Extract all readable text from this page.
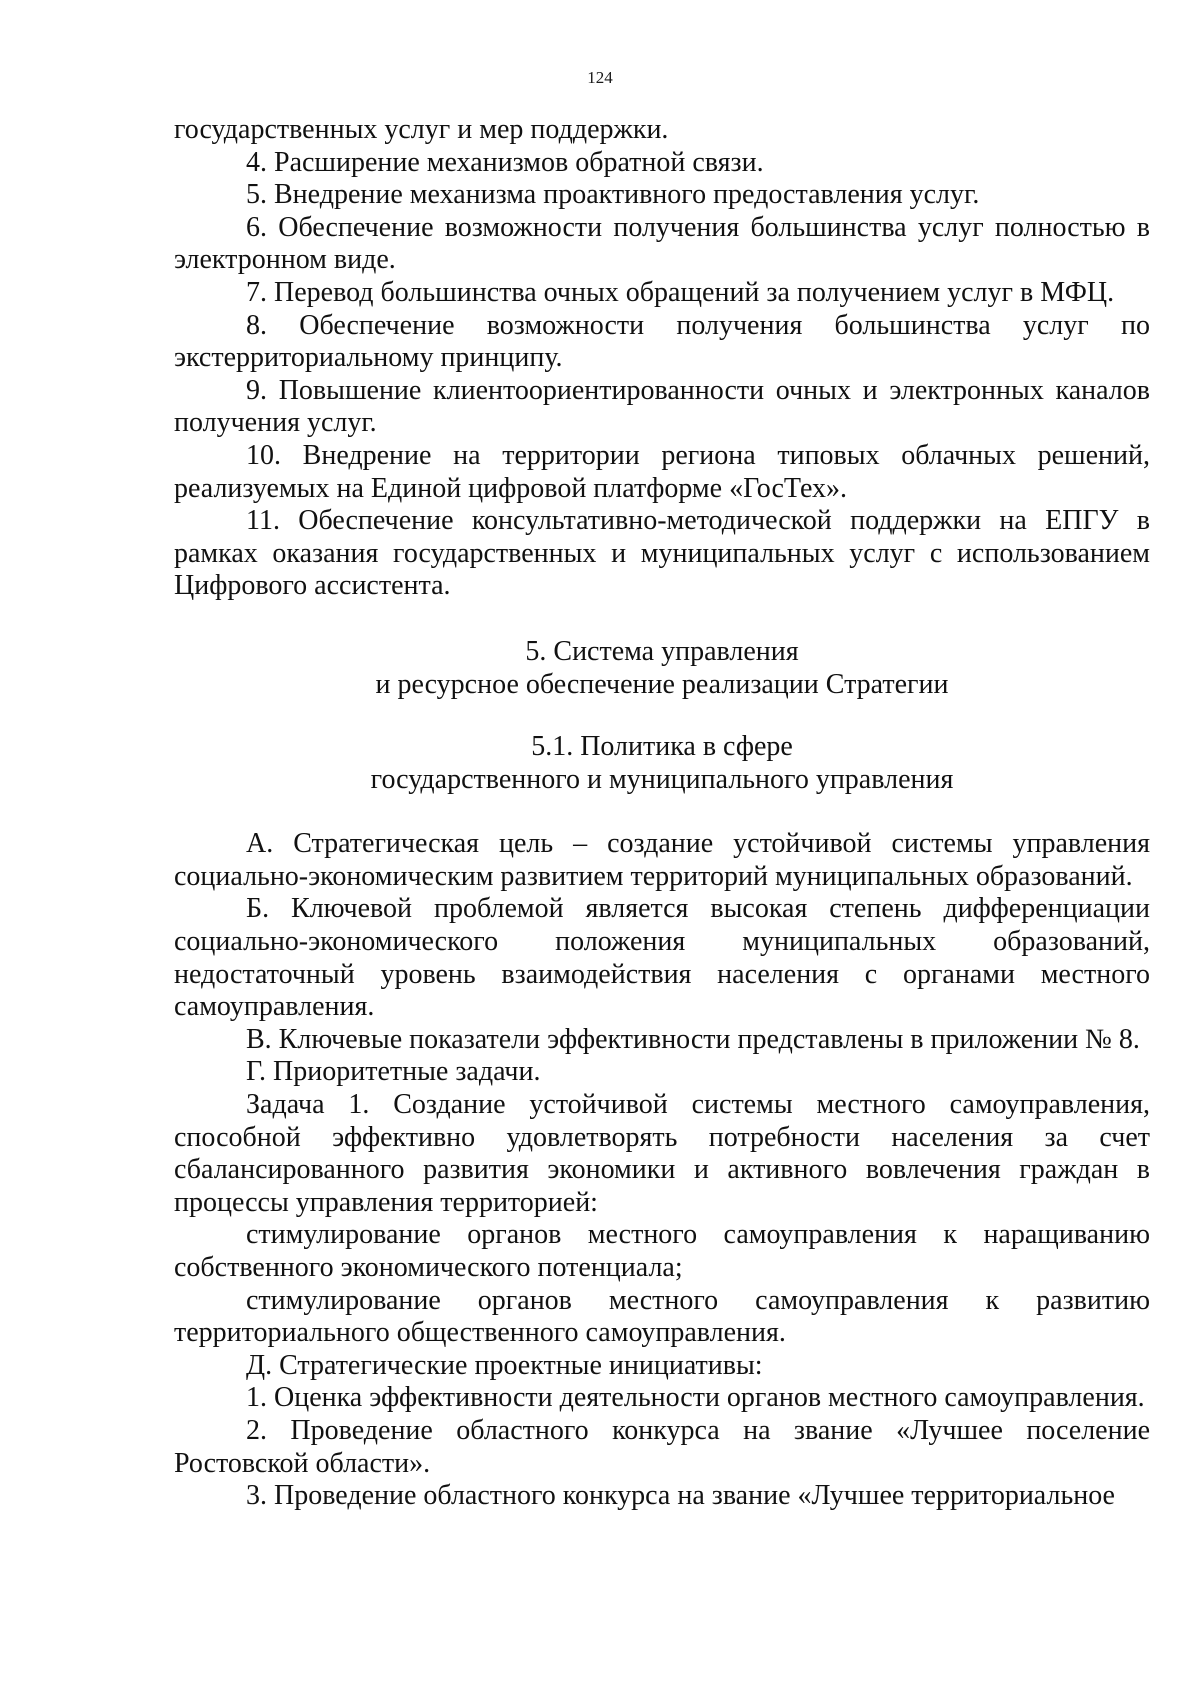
124

государственных услуг и мер поддержки.

4. Расширение механизмов обратной связи.

5. Внедрение механизма проактивного предоставления услуг.

6. Обеспечение возможности получения большинства услуг полностью в электронном виде.

7. Перевод большинства очных обращений за получением услуг в МФЦ.

8. Обеспечение возможности получения большинства услуг по экстерриториальному принципу.

9. Повышение клиентоориентированности очных и электронных каналов получения услуг.

10. Внедрение на территории региона типовых облачных решений, реализуемых на Единой цифровой платформе «ГосТех».

11. Обеспечение консультативно-методической поддержки на ЕПГУ в рамках оказания государственных и муниципальных услуг с использованием Цифрового ассистента.

5. Система управления

и ресурсное обеспечение реализации Стратегии

5.1. Политика в сфере

государственного и муниципального управления

А. Стратегическая цель – создание устойчивой системы управления социально-экономическим развитием территорий муниципальных образований.

Б. Ключевой проблемой является высокая степень дифференциации социально-экономического положения муниципальных образований, недостаточный уровень взаимодействия населения с органами местного самоуправления.

В. Ключевые показатели эффективности представлены в приложении № 8.

Г. Приоритетные задачи.

Задача 1. Создание устойчивой системы местного самоуправления, способной эффективно удовлетворять потребности населения за счет сбалансированного развития экономики и активного вовлечения граждан в процессы управления территорией:

стимулирование органов местного самоуправления к наращиванию собственного экономического потенциала;

стимулирование органов местного самоуправления к развитию территориального общественного самоуправления.

Д. Стратегические проектные инициативы:

1. Оценка эффективности деятельности органов местного самоуправления.

2. Проведение областного конкурса на звание «Лучшее поселение Ростовской области».

3. Проведение областного конкурса на звание «Лучшее территориальное
